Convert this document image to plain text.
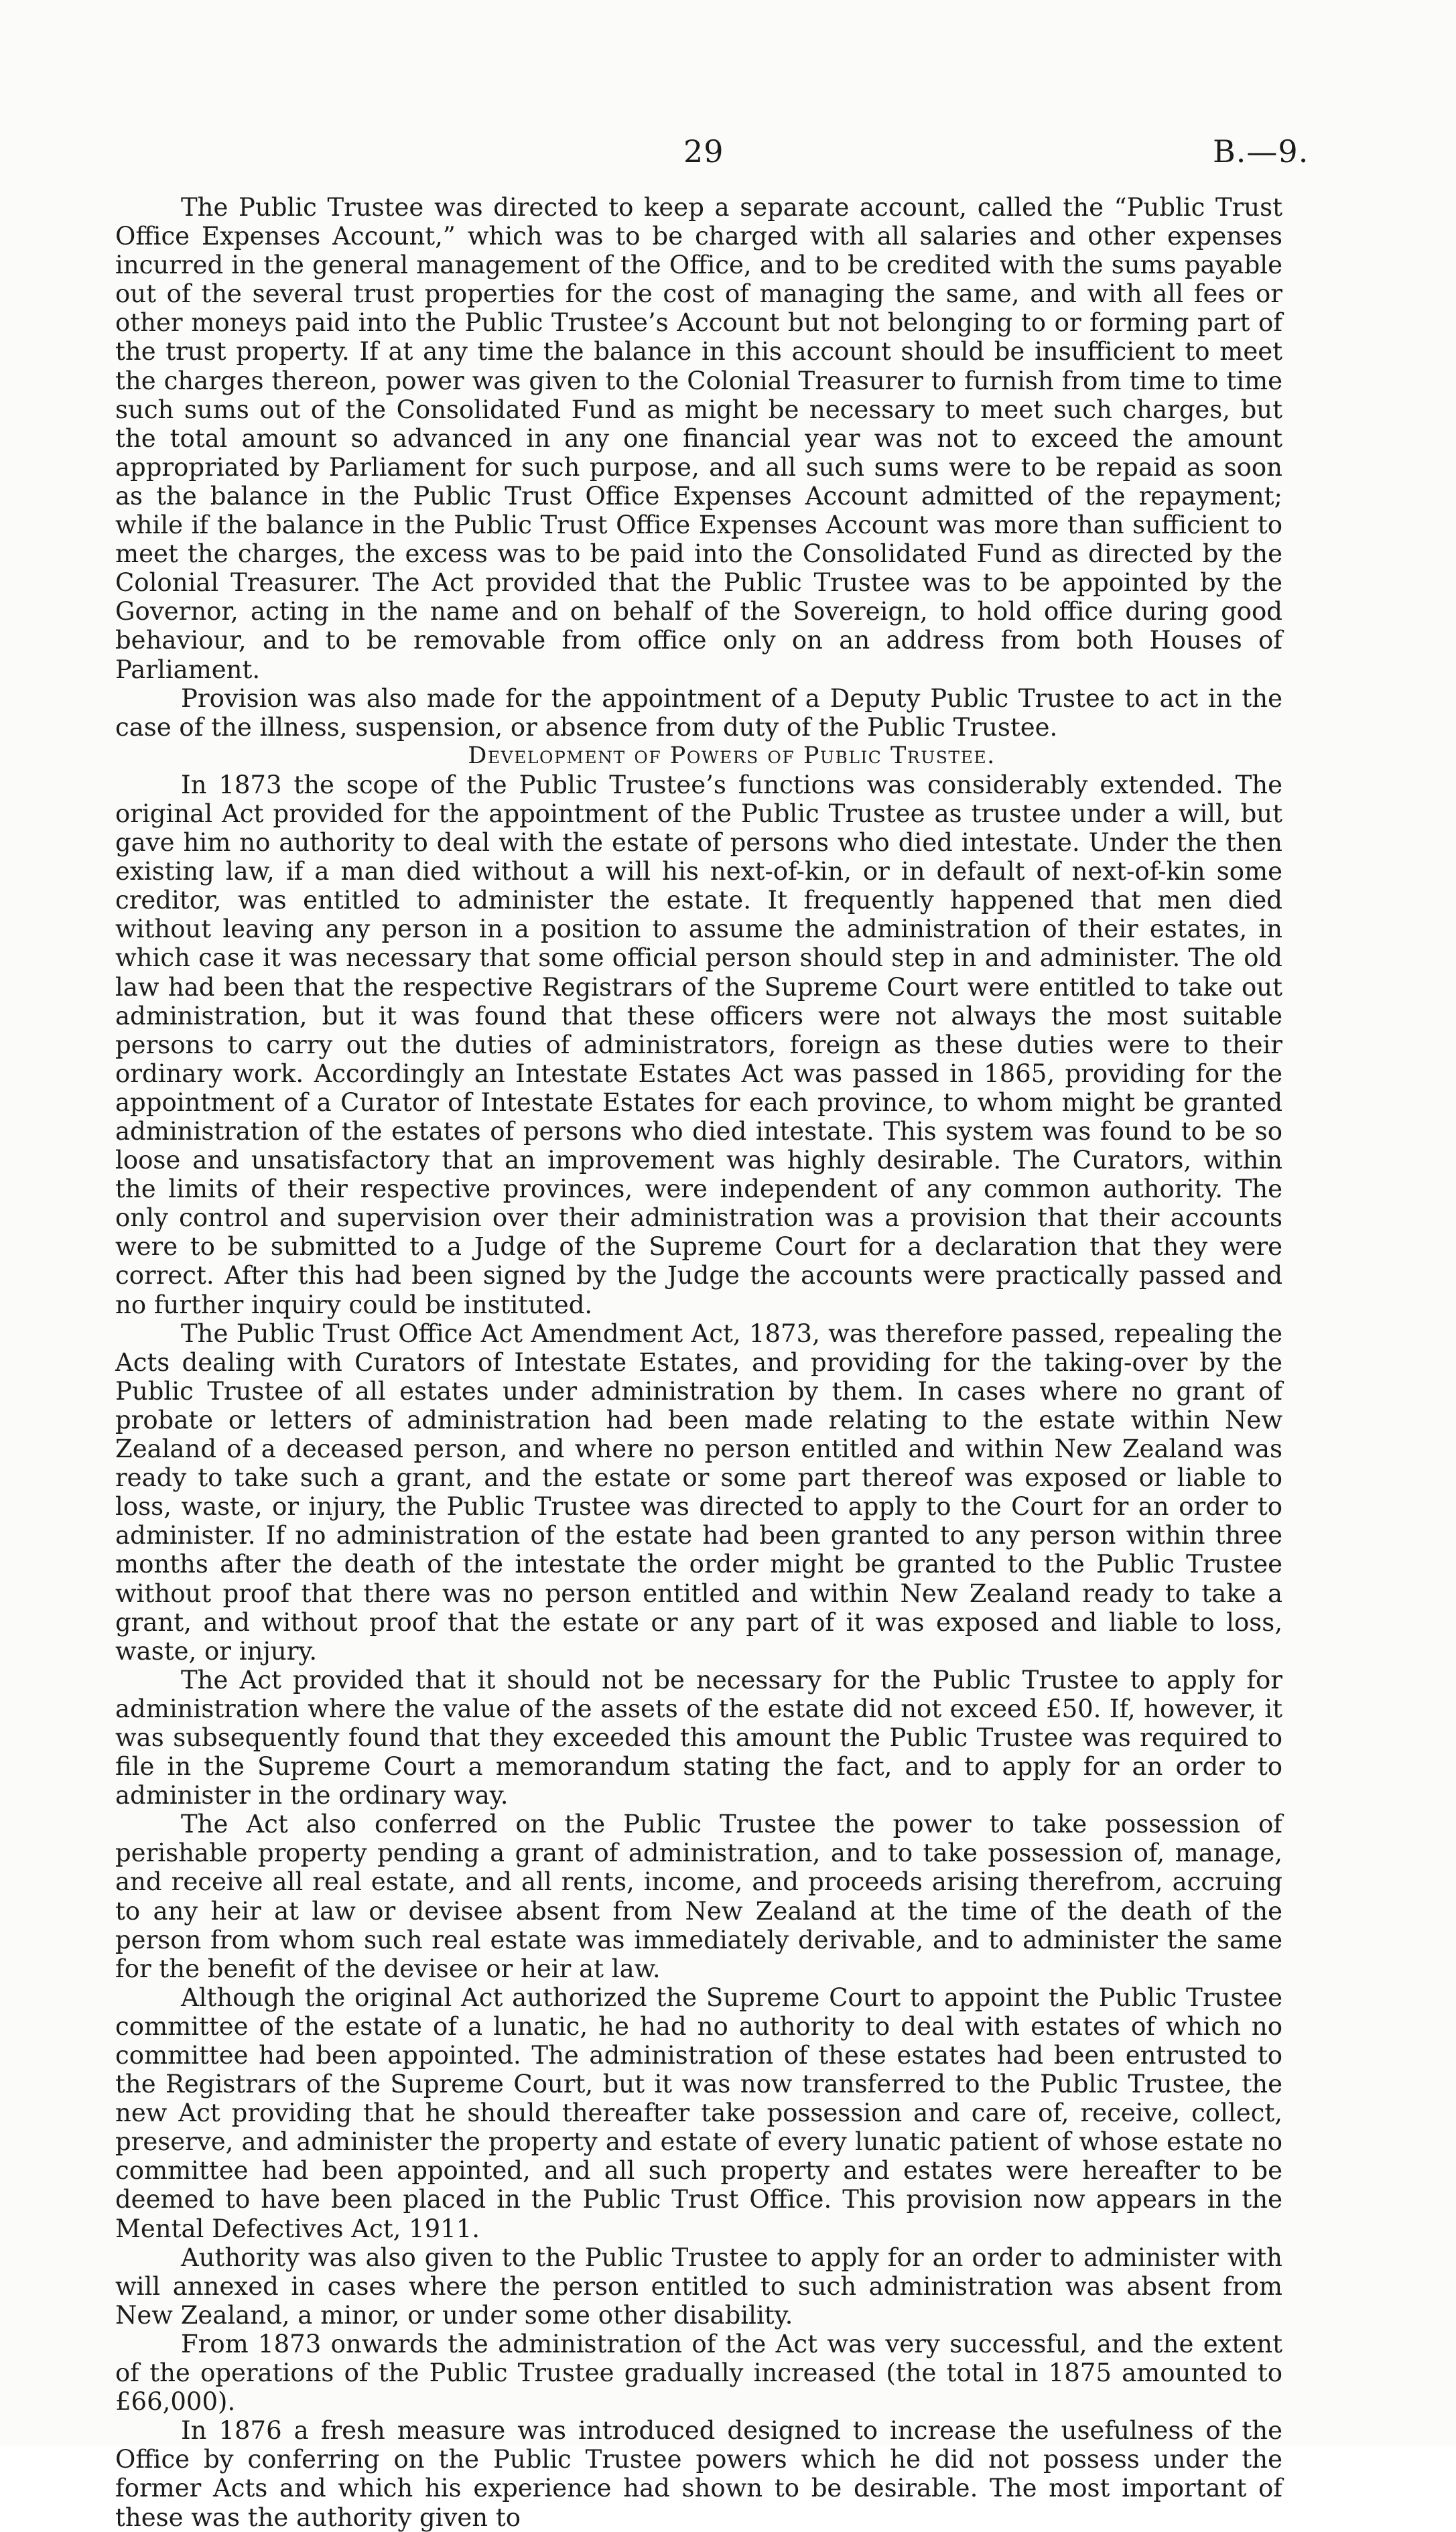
29	B.—9.

The Public Trustee was directed to keep a separate account, called the “Public Trust Office Expenses Account,” which was to be charged with all salaries and other expenses incurred in the general management of the Office, and to be credited with the sums payable out of the several trust properties for the cost of managing the same, and with all fees or other moneys paid into the Public Trustee’s Account but not belonging to or forming part of the trust property. If at any time the balance in this account should be insufficient to meet the charges thereon, power was given to the Colonial Treasurer to furnish from time to time such sums out of the Consolidated Fund as might be necessary to meet such charges, but the total amount so advanced in any one financial year was not to exceed the amount appropriated by Parliament for such purpose, and all such sums were to be repaid as soon as the balance in the Public Trust Office Expenses Account admitted of the repayment; while if the balance in the Public Trust Office Expenses Account was more than sufficient to meet the charges, the excess was to be paid into the Consolidated Fund as directed by the Colonial Treasurer. The Act provided that the Public Trustee was to be appointed by the Governor, acting in the name and on behalf of the Sovereign, to hold office during good behaviour, and to be removable from office only on an address from both Houses of Parliament.

Provision was also made for the appointment of a Deputy Public Trustee to act in the case of the illness, suspension, or absence from duty of the Public Trustee.

Development of Powers of Public Trustee.

In 1873 the scope of the Public Trustee’s functions was considerably extended. The original Act provided for the appointment of the Public Trustee as trustee under a will, but gave him no authority to deal with the estate of persons who died intestate. Under the then existing law, if a man died without a will his next-of-kin, or in default of next-of-kin some creditor, was entitled to administer the estate. It frequently happened that men died without leaving any person in a position to assume the administration of their estates, in which case it was necessary that some official person should step in and administer. The old law had been that the respective Registrars of the Supreme Court were entitled to take out administration, but it was found that these officers were not always the most suitable persons to carry out the duties of administrators, foreign as these duties were to their ordinary work. Accordingly an Intestate Estates Act was passed in 1865, providing for the appointment of a Curator of Intestate Estates for each province, to whom might be granted administration of the estates of persons who died intestate. This system was found to be so loose and unsatisfactory that an improvement was highly desirable. The Curators, within the limits of their respective provinces, were independent of any common authority. The only control and supervision over their administration was a provision that their accounts were to be submitted to a Judge of the Supreme Court for a declaration that they were correct. After this had been signed by the Judge the accounts were practically passed and no further inquiry could be instituted.

The Public Trust Office Act Amendment Act, 1873, was therefore passed, repealing the Acts dealing with Curators of Intestate Estates, and providing for the taking-over by the Public Trustee of all estates under administration by them. In cases where no grant of probate or letters of administration had been made relating to the estate within New Zealand of a deceased person, and where no person entitled and within New Zealand was ready to take such a grant, and the estate or some part thereof was exposed or liable to loss, waste, or injury, the Public Trustee was directed to apply to the Court for an order to administer. If no administration of the estate had been granted to any person within three months after the death of the intestate the order might be granted to the Public Trustee without proof that there was no person entitled and within New Zealand ready to take a grant, and without proof that the estate or any part of it was exposed and liable to loss, waste, or injury.

The Act provided that it should not be necessary for the Public Trustee to apply for administration where the value of the assets of the estate did not exceed £50. If, however, it was subsequently found that they exceeded this amount the Public Trustee was required to file in the Supreme Court a memorandum stating the fact, and to apply for an order to administer in the ordinary way.

The Act also conferred on the Public Trustee the power to take possession of perishable property pending a grant of administration, and to take possession of, manage, and receive all real estate, and all rents, income, and proceeds arising therefrom, accruing to any heir at law or devisee absent from New Zealand at the time of the death of the person from whom such real estate was immediately derivable, and to administer the same for the benefit of the devisee or heir at law.

Although the original Act authorized the Supreme Court to appoint the Public Trustee committee of the estate of a lunatic, he had no authority to deal with estates of which no committee had been appointed. The administration of these estates had been entrusted to the Registrars of the Supreme Court, but it was now transferred to the Public Trustee, the new Act providing that he should thereafter take possession and care of, receive, collect, preserve, and administer the property and estate of every lunatic patient of whose estate no committee had been appointed, and all such property and estates were hereafter to be deemed to have been placed in the Public Trust Office. This provision now appears in the Mental Defectives Act, 1911.

Authority was also given to the Public Trustee to apply for an order to administer with will annexed in cases where the person entitled to such administration was absent from New Zealand, a minor, or under some other disability.

From 1873 onwards the administration of the Act was very successful, and the extent of the operations of the Public Trustee gradually increased (the total in 1875 amounted to £66,000).

In 1876 a fresh measure was introduced designed to increase the usefulness of the Office by conferring on the Public Trustee powers which he did not possess under the former Acts and which his experience had shown to be desirable. The most important of these was the authority given to
